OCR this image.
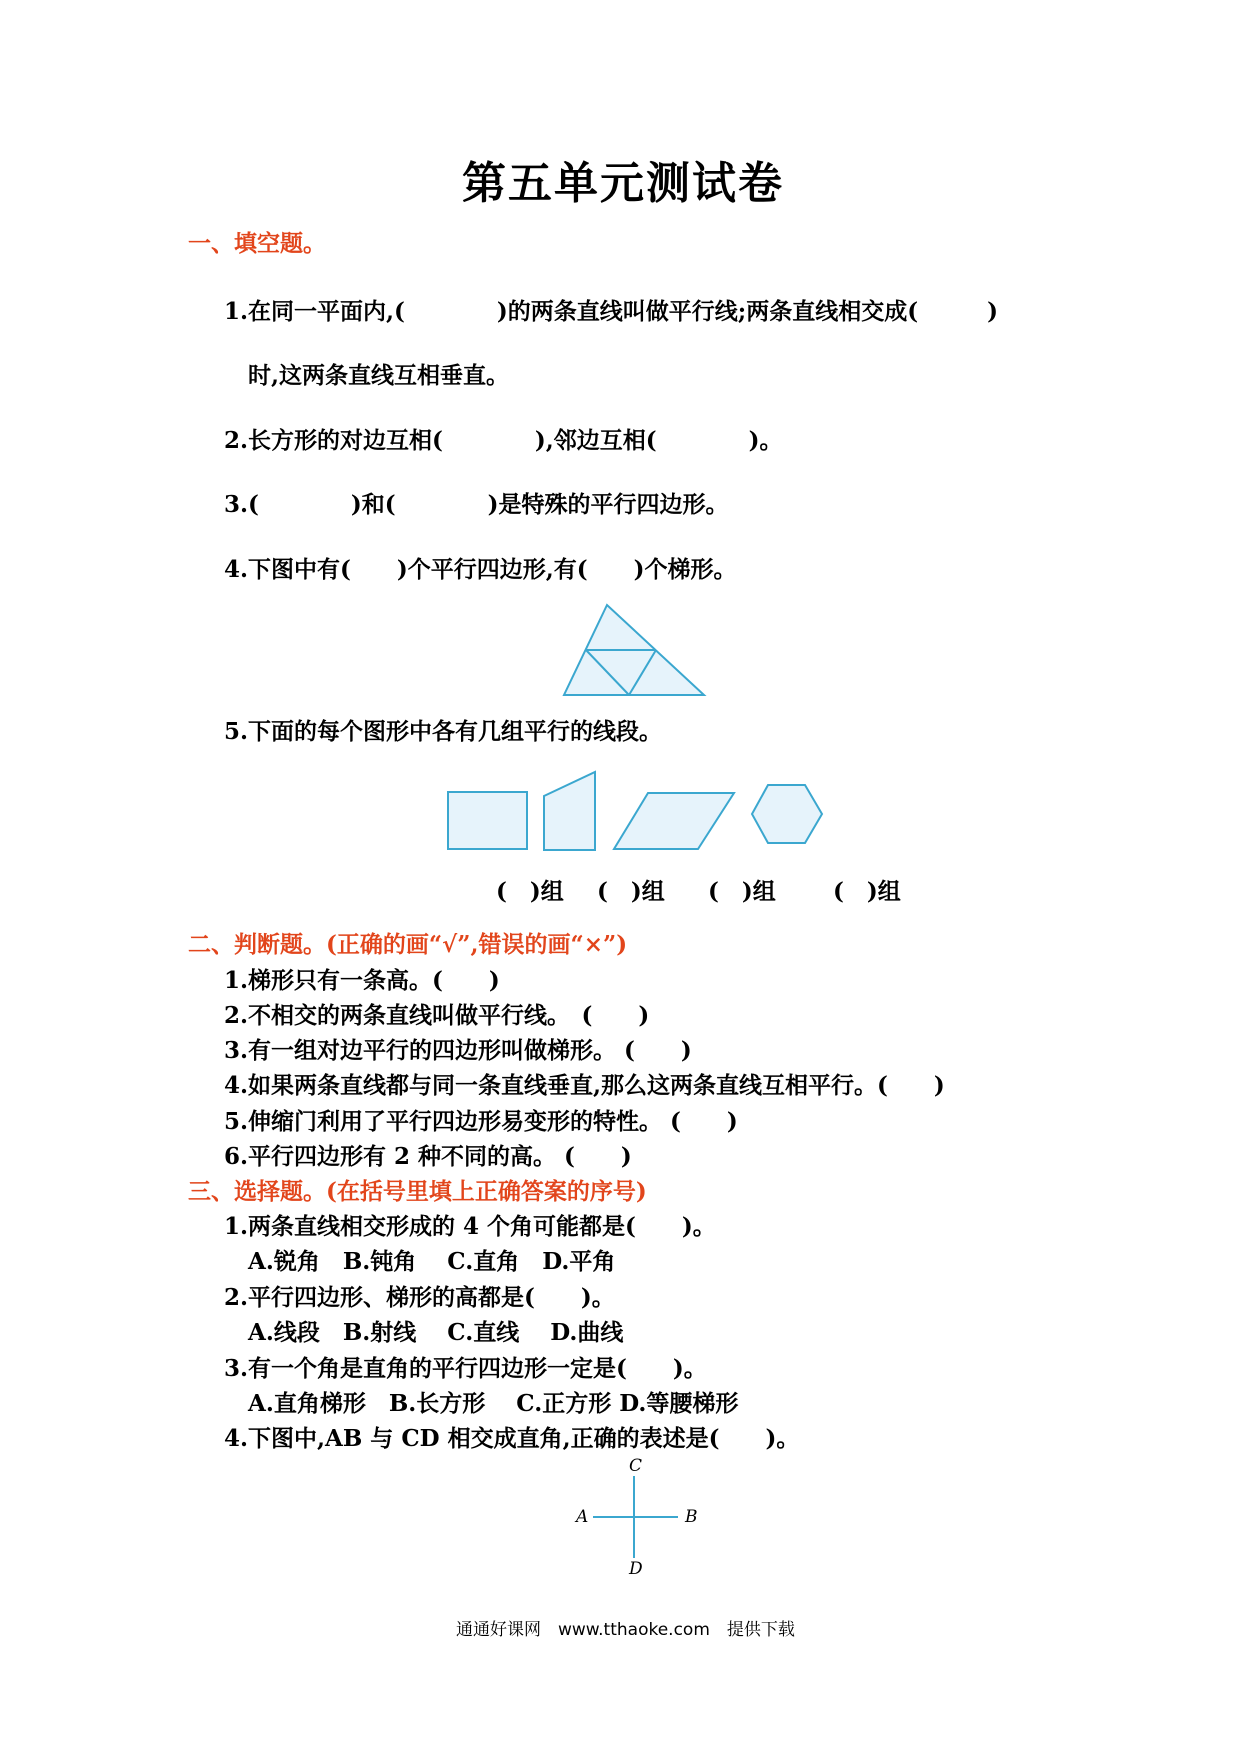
第五单元测试卷
一、填空题。
1.在同一平面内,(　　　　)的两条直线叫做平行线;两条直线相交成(　　　)
时,这两条直线互相垂直。
2.长方形的对边互相(　　　　),邻边互相(　　　　)。
3.(　　　　)和(　　　　)是特殊的平行四边形。
4.下图中有(　　)个平行四边形,有(　　)个梯形。
5.下面的每个图形中各有几组平行的线段。
(　)组 (　)组 (　)组 (　)组
二、判断题。(正确的画“√”,错误的画“×”)
1.梯形只有一条高。(　　)
2.不相交的两条直线叫做平行线。　(　　)
3.有一组对边平行的四边形叫做梯形。 (　　)
4.如果两条直线都与同一条直线垂直,那么这两条直线互相平行。(　　)
5.伸缩门利用了平行四边形易变形的特性。 (　　)
6.平行四边形有 2 种不同的高。 (　　)
三、选择题。(在括号里填上正确答案的序号)
1.两条直线相交形成的 4 个角可能都是(　　)。
A.锐角　B.钝角　 C.直角　D.平角
2.平行四边形、梯形的高都是(　　)。
A.线段　B.射线　 C.直线　 D.曲线
3.有一个角是直角的平行四边形一定是(　　)。
A.直角梯形　B.长方形　 C.正方形 D.等腰梯形
4.下图中,AB 与 CD 相交成直角,正确的表述是(　　)。
C
A	B
D
通通好课网　www.tthaoke.com　提供下载
